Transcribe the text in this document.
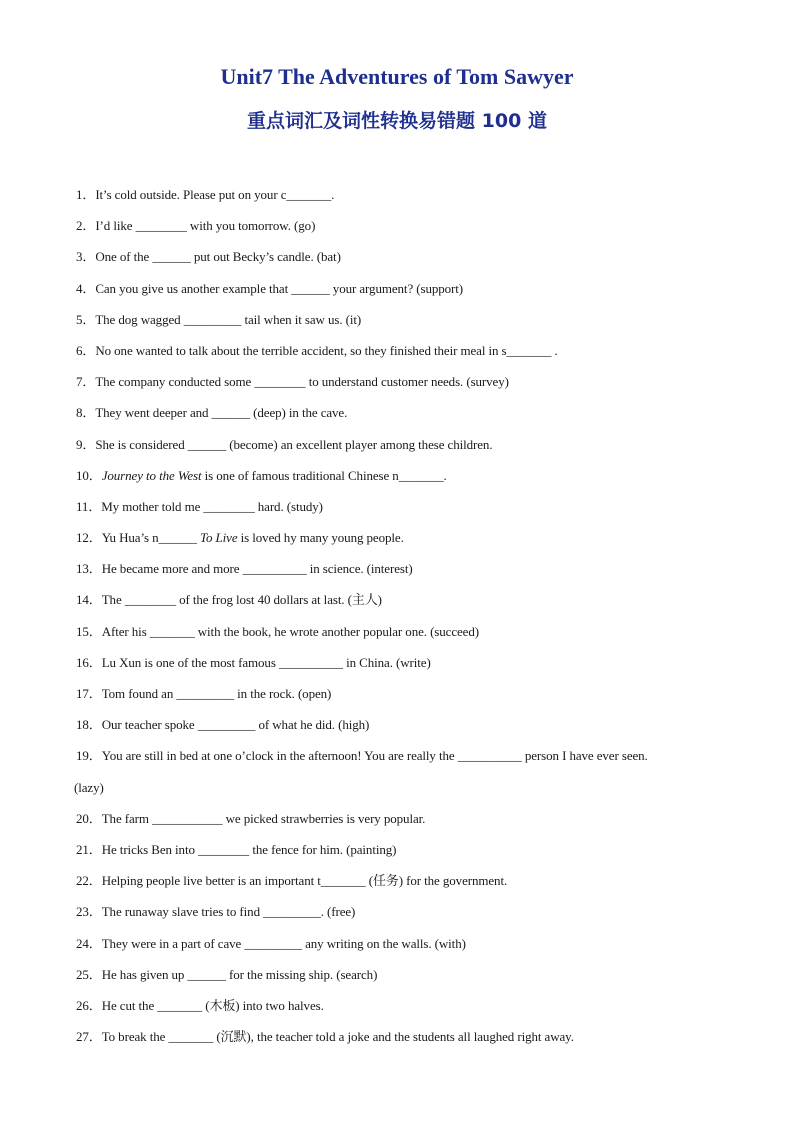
Unit7 The Adventures of Tom Sawyer
重点词汇及词性转换易错题 100 道
1．It’s cold outside. Please put on your c_______.
2．I’d like ________ with you tomorrow. (go)
3．One of the ______ put out Becky’s candle. (bat)
4．Can you give us another example that ______ your argument? (support)
5．The dog wagged _________ tail when it saw us. (it)
6．No one wanted to talk about the terrible accident, so they finished their meal in s_______ .
7．The company conducted some ________ to understand customer needs. (survey)
8．They went deeper and ______ (deep) in the cave.
9．She is considered ______ (become) an excellent player among these children.
10．Journey to the West is one of famous traditional Chinese n_______.
11．My mother told me ________ hard. (study)
12．Yu Hua’s n______ To Live is loved hy many young people.
13．He became more and more __________ in science. (interest)
14．The ________ of the frog lost 40 dollars at last. (主人)
15．After his _______ with the book, he wrote another popular one. (succeed)
16．Lu Xun is one of the most famous __________ in China. (write)
17．Tom found an _________ in the rock. (open)
18．Our teacher spoke _________ of what he did. (high)
19．You are still in bed at one o’clock in the afternoon! You are really the __________ person I have ever seen.
(lazy)
20．The farm ___________ we picked strawberries is very popular.
21．He tricks Ben into ________ the fence for him. (painting)
22．Helping people live better is an important t_______ (任务) for the government.
23．The runaway slave tries to find _________. (free)
24．They were in a part of cave _________ any writing on the walls. (with)
25．He has given up ______ for the missing ship. (search)
26．He cut the _______ (木板) into two halves.
27．To break the _______ (沉默), the teacher told a joke and the students all laughed right away.
